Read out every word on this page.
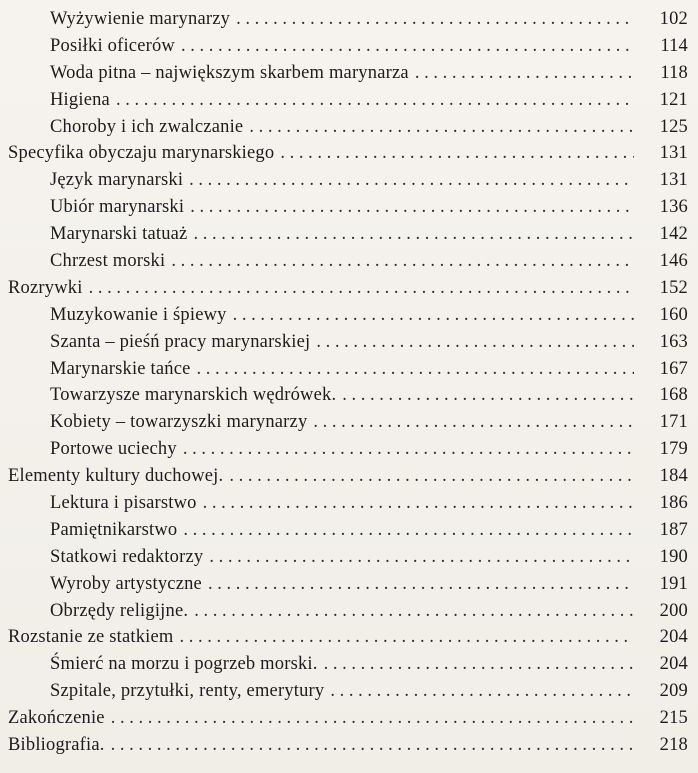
Wyżywienie marynarzy . . .	102
Posiłki oficerów . . .	114
Woda pitna – największym skarbem marynarza . . .	118
Higiena . . .	121
Choroby i ich zwalczanie . . .	125
Specyfika obyczaju marynarskiego . . .	131
Język marynarski . . .	131
Ubiór marynarski . . .	136
Marynarski tatuaż . . .	142
Chrzest morski . . .	146
Rozrywki . . .	152
Muzykowanie i śpiewy . . .	160
Szanta – pieśń pracy marynarskiej . . .	163
Marynarskie tańce . . .	167
Towarzysze marynarskich wędrówek. . . .	168
Kobiety – towarzyszki marynarzy . . .	171
Portowe uciechy . . .	179
Elementy kultury duchowej. . . .	184
Lektura i pisarstwo . . .	186
Pamiętnikarstwo . . .	187
Statkowi redaktorzy . . .	190
Wyroby artystyczne . . .	191
Obrzędy religijne. . . .	200
Rozstanie ze statkiem . . .	204
Śmierć na morzu i pogrzeb morski. . . .	204
Szpitale, przytułki, renty, emerytury . . .	209
Zakończenie . . .	215
Bibliografia. . . .	218
